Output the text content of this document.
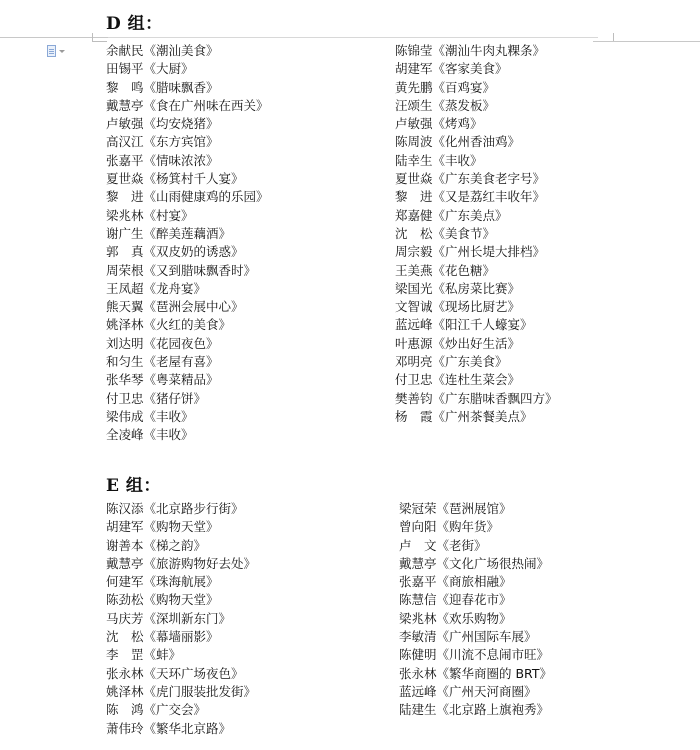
D 组：
余献民《潮汕美食》
田锡平《大厨》
黎　鸣《腊味飘香》
戴慧亭《食在广州味在西关》
卢敏强《均安烧猪》
高汉江《东方宾馆》
张嘉平《情味浓浓》
夏世焱《杨箕村千人宴》
黎　进《山雨健康鸡的乐园》
梁兆林《村宴》
谢广生《醉美莲藕酒》
郭　真《双皮奶的诱惑》
周荣根《又到腊味飘香时》
王凤超《龙舟宴》
熊天翼《琶洲会展中心》
姚泽林《火红的美食》
刘达明《花园夜色》
和匀生《老屋有喜》
张华琴《粤菜精品》
付卫忠《猪仔饼》
梁伟成《丰收》
全凌峰《丰收》
陈锦莹《潮汕牛肉丸粿条》
胡建军《客家美食》
黄先鹏《百鸡宴》
汪颂生《蒸发板》
卢敏强《烤鸡》
陈周波《化州香油鸡》
陆幸生《丰收》
夏世焱《广东美食老字号》
黎　进《又是荔红丰收年》
郑嘉健《广东美点》
沈　松《美食节》
周宗毅《广州长堤大排档》
王美燕《花色糖》
梁国光《私房菜比赛》
文智诚《现场比厨艺》
蓝远峰《阳江千人蠔宴》
叶惠源《炒出好生活》
邓明亮《广东美食》
付卫忠《连杜生菜会》
樊善钧《广东腊味香飘四方》
杨　霞《广州茶餐美点》
E 组：
陈汉添《北京路步行街》
胡建军《购物天堂》
谢善本《梯之韵》
戴慧亭《旅游购物好去处》
何建军《珠海航展》
陈劲松《购物天堂》
马庆芳《深圳新东门》
沈　松《幕墙丽影》
李　罡《蚌》
张永林《天环广场夜色》
姚泽林《虎门服装批发街》
陈　鸿《广交会》
萧伟玲《繁华北京路》
梁冠荣《琶洲展馆》
曾向阳《购年货》
卢　文《老街》
戴慧亭《文化广场很热闹》
张嘉平《商旅相融》
陈慧信《迎春花市》
梁兆林《欢乐购物》
李敏清《广州国际车展》
陈健明《川流不息闹市旺》
张永林《繁华商圈的 BRT》
蓝远峰《广州天河商圈》
陆建生《北京路上旗袍秀》
